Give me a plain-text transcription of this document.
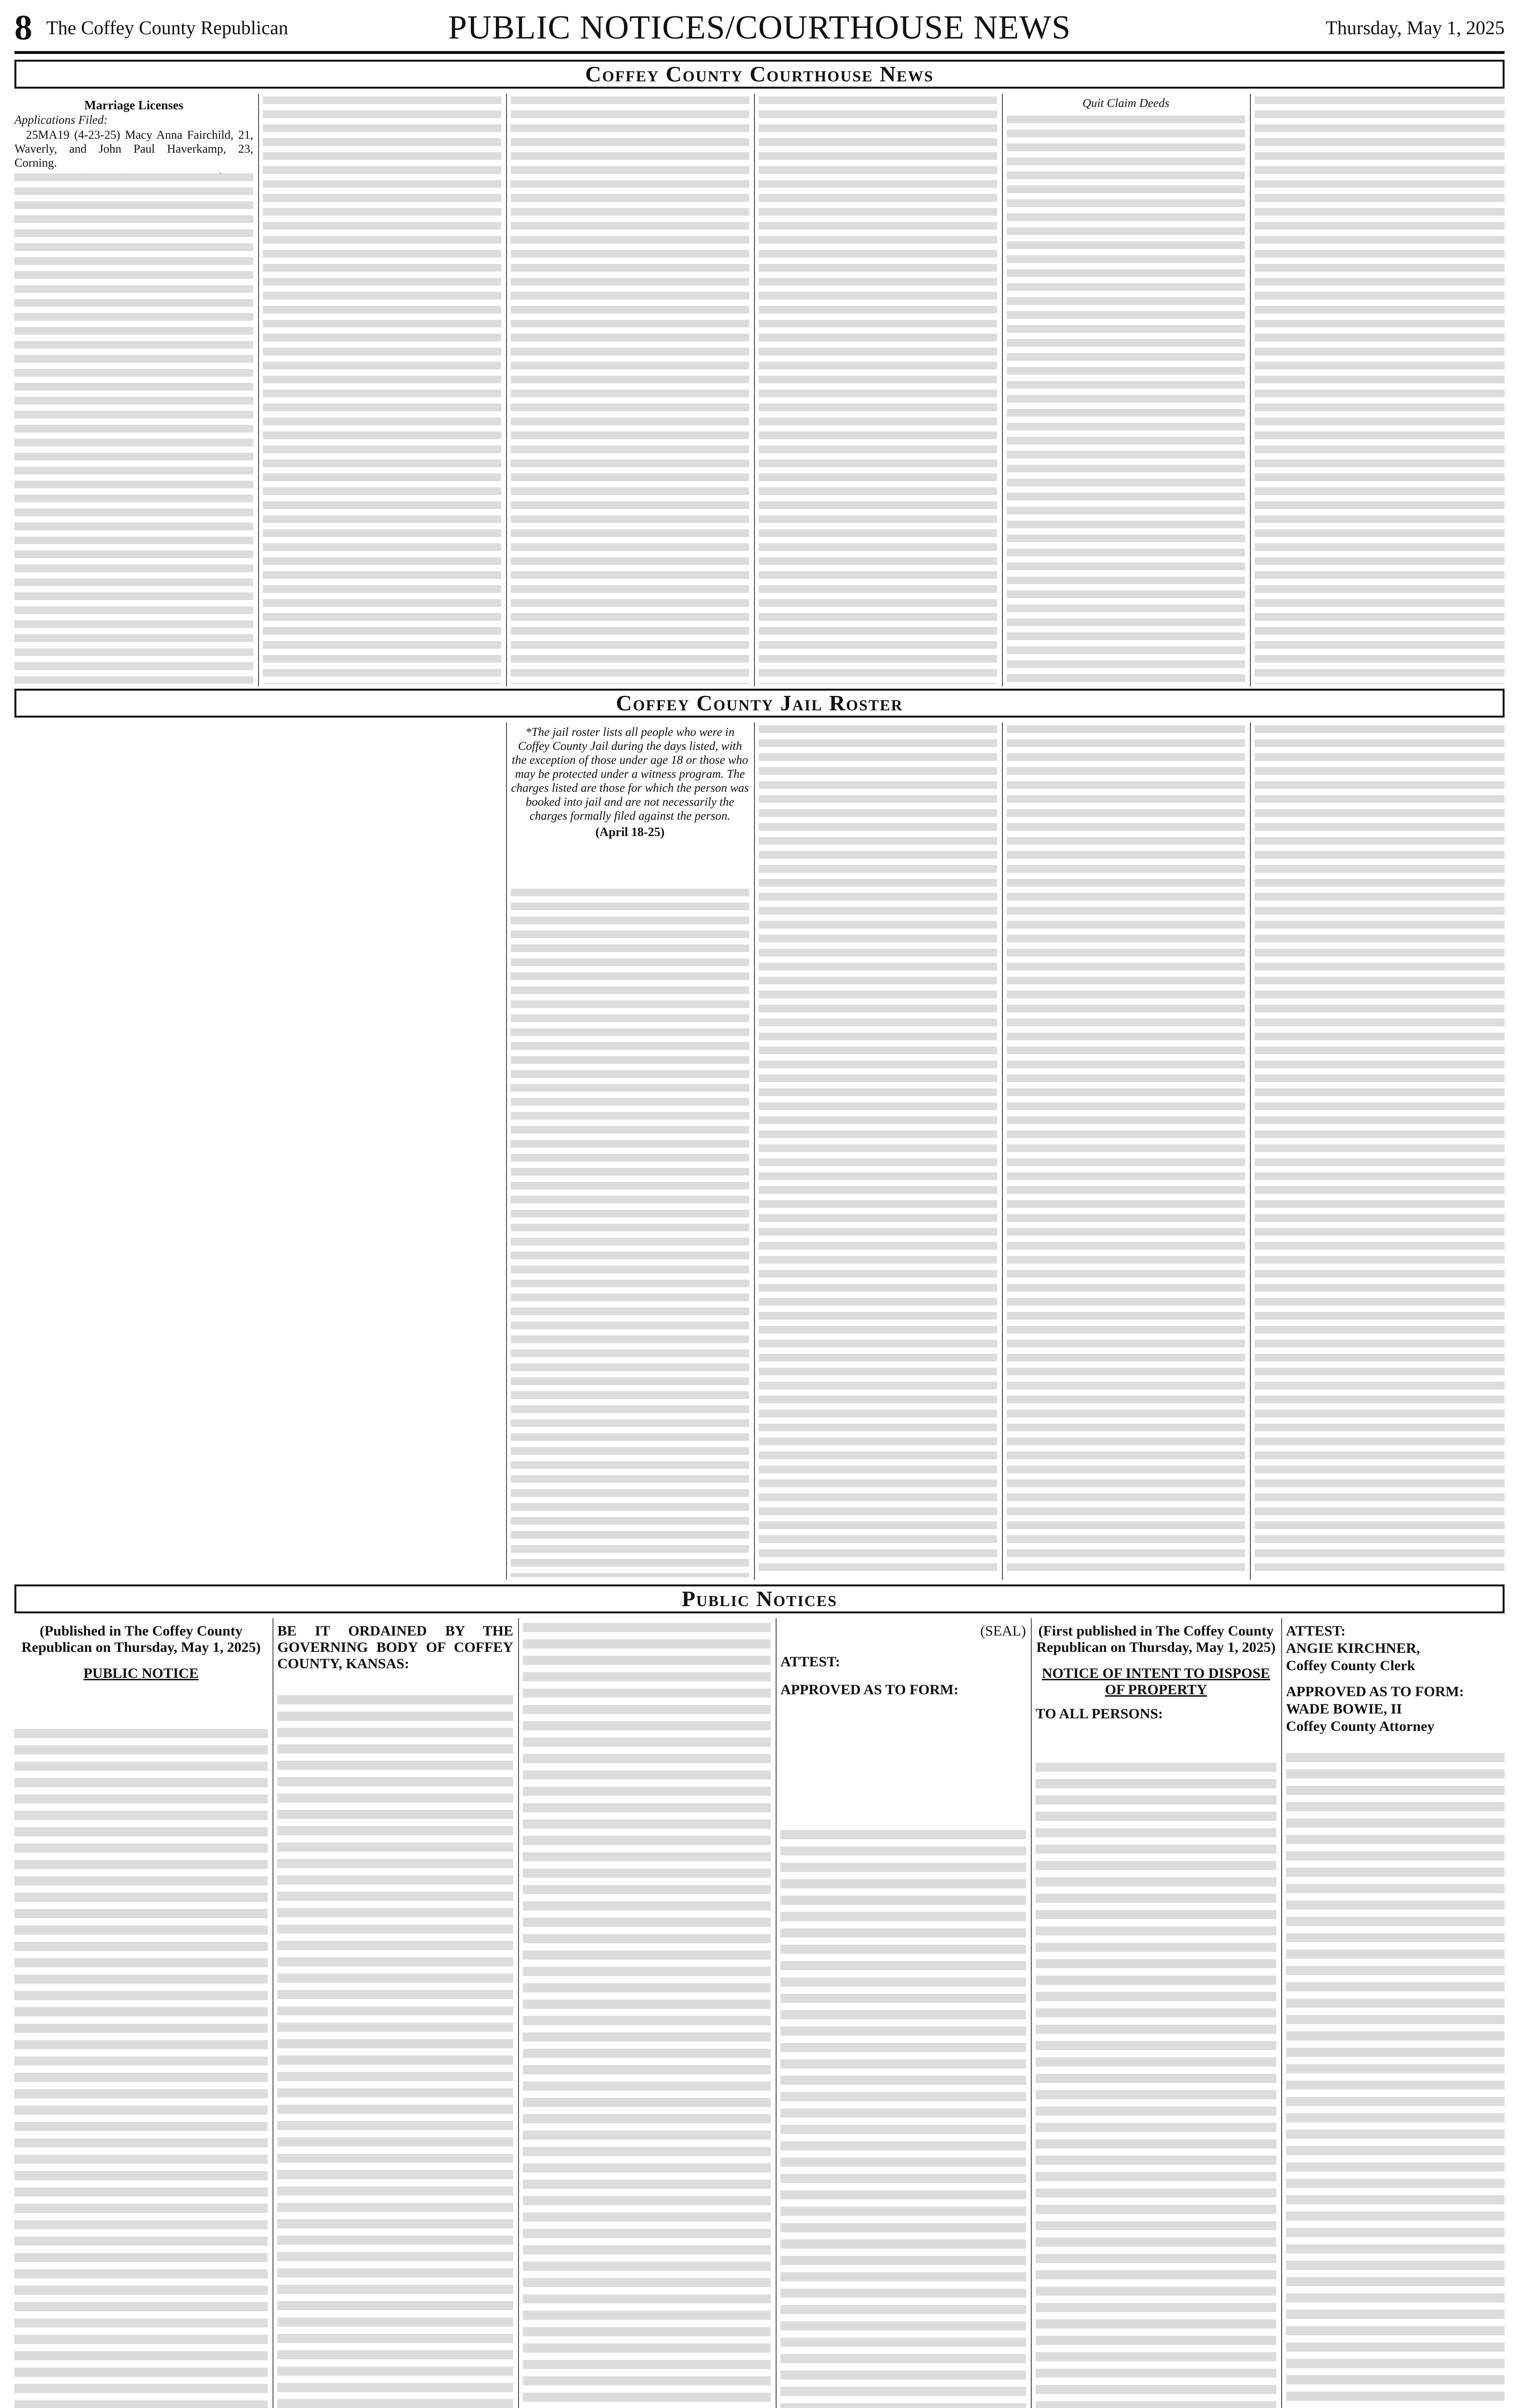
8 The Coffey County Republican	PUBLIC NOTICES/COURTHOUSE NEWS	Thursday, May 1, 2025
Coffey County Courthouse News

Marriage Licenses

Applications Filed:

25MA19 (4-23-25) Macy Anna Fairchild, 21, Waverly, and John Paul Haverkamp, 23, Corning.

Quit Claim Deeds

Coffey County Jail Roster

*The jail roster lists all people who were in Coffey County Jail during the days listed, with the exception of those under age 18 or those who may be protected under a witness program. The charges listed are those for which the person was booked into jail and are not necessarily the charges formally filed against the person.

(April 18-25)

Public Notices

(Published in The Coffey County Republican on Thursday, May 1, 2025)

PUBLIC NOTICE

BE IT ORDAINED BY THE GOVERNING BODY OF COFFEY COUNTY, KANSAS:

(SEAL)

ATTEST:

APPROVED AS TO FORM:

(First published in The Coffey County Republican on Thursday, May 1, 2025)

NOTICE OF INTENT TO DISPOSE OF PROPERTY

TO ALL PERSONS:

ATTEST:

ANGIE KIRCHNER,

Coffey County Clerk

APPROVED AS TO FORM:

WADE BOWIE, II

Coffey County Attorney
